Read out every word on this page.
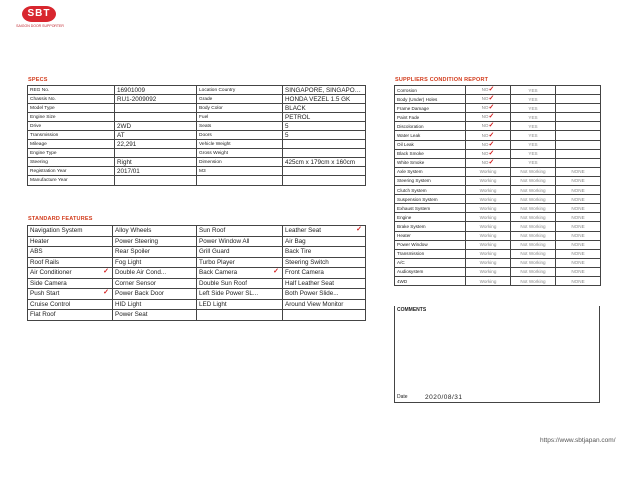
SBT
SAIGON DOOR SUPPORTER
SPECS
REG No.	16901009	Location Country	SINGAPORE, SINGAPORE
Chassis No.	RU1-2009092	Grade	HONDA VEZEL 1.5 GK
Model Type		Body Color	BLACK
Engine Size		Fuel	PETROL
Drive	2WD	Seats	5
Transmission	AT	Doors	5
Mileage	22,291	Vehicle Weight	
Engine Type		Gross Weight	
Steering	Right	Dimension	425cm x 179cm x 160cm
Registration Year	2017/01	M3	
Manufacture Year			
STANDARD FEATURES
Navigation System	Alloy Wheels	Sun Roof	Leather Seat ✓

Heater	Power Steering	Power Window All	Air Bag
ABS	Rear Spoiler	Grill Guard	Back Tire
Roof Rails	Fog Light	Turbo Player	Steering Switch
Air Conditioner ✓	Double Air Cond...	Back Camera ✓	Front Camera
Side Camera	Corner Sensor	Double Sun Roof	Half Leather Seat
Push Start ✓	Power Back Door	Left Side Power SL...	Both Power Slide...
Cruise Control	HID Light	LED Light	Around View Monitor
Flat Roof	Power Seat		
SUPPLIERS CONDITION REPORT
Corrosion	NO✓	YES	
Body (Under) Holes	NO✓	YES	
Frame Damage	NO✓	YES	
Paint Fade	NO✓	YES	
Discoloration	NO✓	YES	
Water Leak	NO✓	YES	
Oil Leak	NO✓	YES	
Black Smoke	NO✓	YES	
White Smoke	NO✓	YES	
Axle System	Working	Not Working	NONE
Steering System	Working	Not Working	NONE
Clutch System	Working	Not Working	NONE
Suspension System	Working	Not Working	NONE
Exhaust System	Working	Not Working	NONE
Engine	Working	Not Working	NONE
Brake System	Working	Not Working	NONE
Heater	Working	Not Working	NONE
Power Window	Working	Not Working	NONE
Transmission	Working	Not Working	NONE
A/C	Working	Not Working	NONE
Audiosystem	Working	Not Working	NONE
4WD	Working	Not Working	NONE
COMMENTS
Date	2020/08/31
https://www.sbtjapan.com/
